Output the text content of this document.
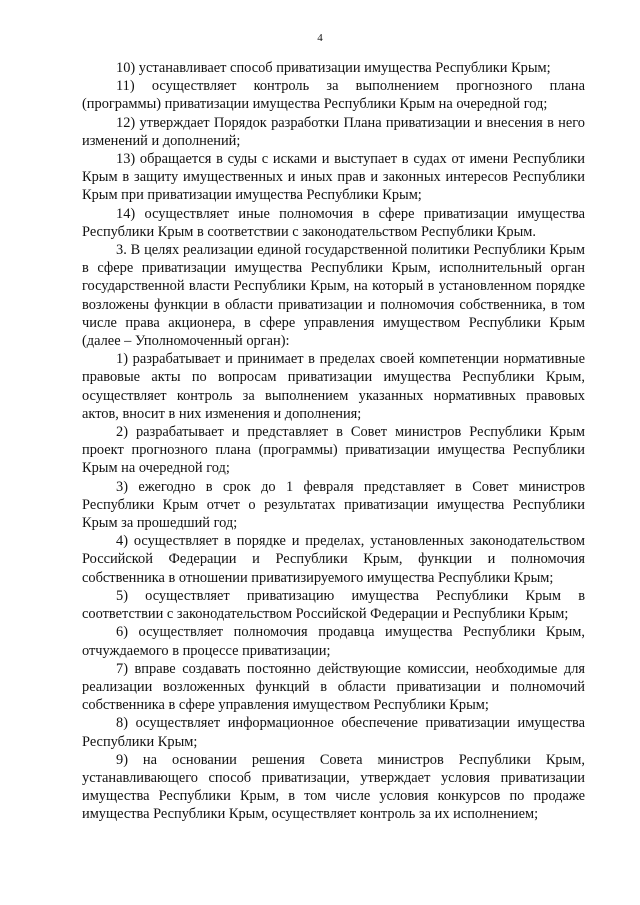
4

10) устанавливает способ приватизации имущества Республики Крым;

11) осуществляет контроль за выполнением прогнозного плана (программы) приватизации имущества Республики Крым на очередной год;

12) утверждает Порядок разработки Плана приватизации и внесения в него изменений и дополнений;

13) обращается в суды с исками и выступает в судах от имени Республики Крым в защиту имущественных и иных прав и законных интересов Республики Крым при приватизации имущества Республики Крым;

14) осуществляет иные полномочия в сфере приватизации имущества Республики Крым в соответствии с законодательством Республики Крым.

3. В целях реализации единой государственной политики Республики Крым в сфере приватизации имущества Республики Крым, исполнительный орган государственной власти Республики Крым, на который в установленном порядке возложены функции в области приватизации и полномочия собственника, в том числе права акционера, в сфере управления имуществом Республики Крым (далее – Уполномоченный орган):

1) разрабатывает и принимает в пределах своей компетенции нормативные правовые акты по вопросам приватизации имущества Республики Крым, осуществляет контроль за выполнением указанных нормативных правовых актов, вносит в них изменения и дополнения;

2) разрабатывает и представляет в Совет министров Республики Крым проект прогнозного плана (программы) приватизации имущества Республики Крым на очередной год;

3) ежегодно в срок до 1 февраля представляет в Совет министров Республики Крым отчет о результатах приватизации имущества Республики Крым за прошедший год;

4) осуществляет в порядке и пределах, установленных законодательством Российской Федерации и Республики Крым, функции и полномочия собственника в отношении приватизируемого имущества Республики Крым;

5) осуществляет приватизацию имущества Республики Крым в соответствии с законодательством Российской Федерации и Республики Крым;

6) осуществляет полномочия продавца имущества Республики Крым, отчуждаемого в процессе приватизации;

7) вправе создавать постоянно действующие комиссии, необходимые для реализации возложенных функций в области приватизации и полномочий собственника в сфере управления имуществом Республики Крым;

8) осуществляет информационное обеспечение приватизации имущества Республики Крым;

9) на основании решения Совета министров Республики Крым, устанавливающего способ приватизации, утверждает условия приватизации имущества Республики Крым, в том числе условия конкурсов по продаже имущества Республики Крым, осуществляет контроль за их исполнением;
